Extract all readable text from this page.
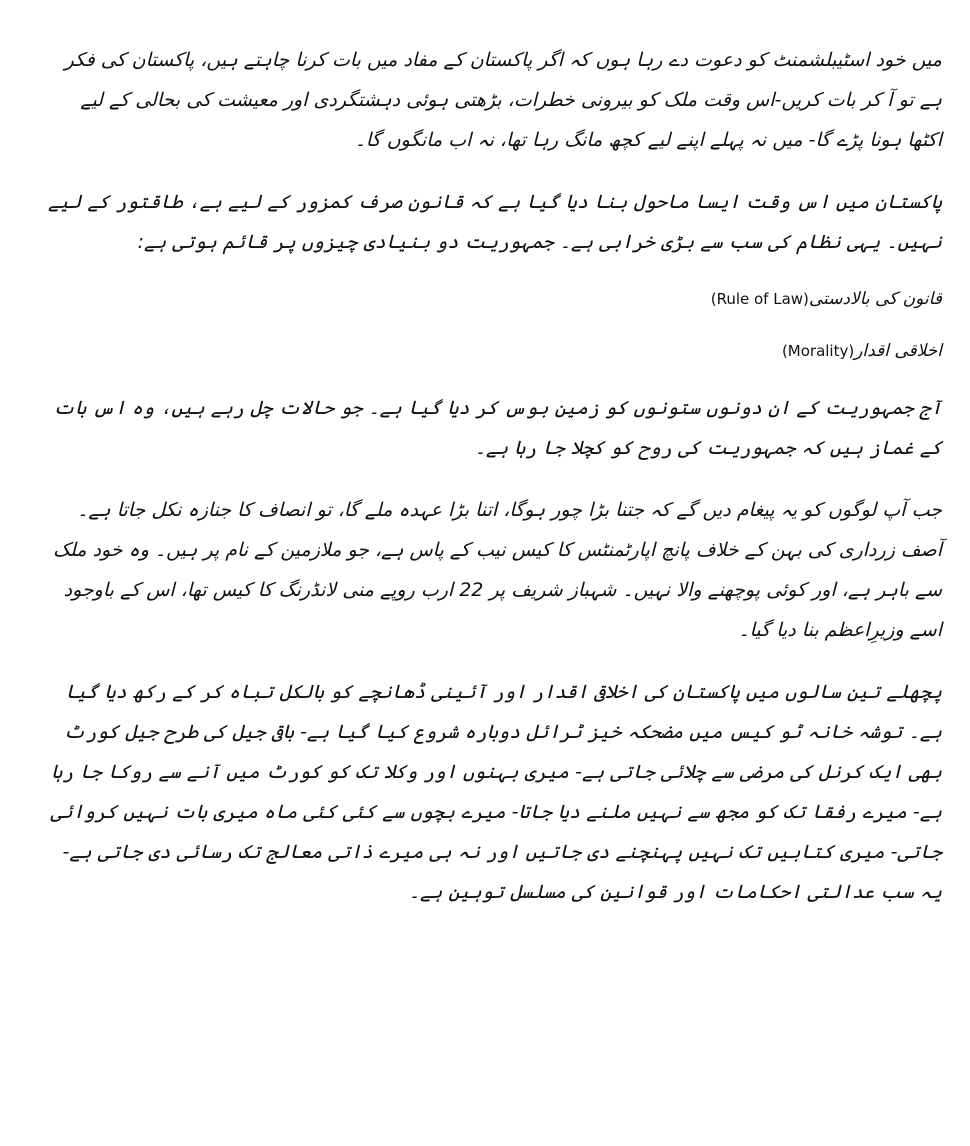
میں خود اسٹیبلشمنٹ کو دعوت دے رہا ہوں کہ اگر پاکستان کے مفاد میں بات کرنا چاہتے ہیں، پاکستان کی فکر ہے تو آ کر بات کریں-اس وقت ملک کو بیرونی خطرات، بڑھتی ہوئی دہشتگردی اور معیشت کی بحالی کے لیے اکٹھا ہونا پڑے گا- میں نہ پہلے اپنے لیے کچھ مانگ رہا تھا، نہ اب مانگوں گا۔

پاکستان میں اس وقت ایسا ماحول بنا دیا گیا ہے کہ قانون صرف کمزور کے لیے ہے، طاقتور کے لیے نہیں۔ یہی نظام کی سب سے بڑی خرابی ہے۔ جمہوریت دو بنیادی چیزوں پر قائم ہوتی ہے:

قانون کی بالادستی(Rule of Law)

اخلاقی اقدار(Morality)

آج جمہوریت کے ان دونوں ستونوں کو زمین بوس کر دیا گیا ہے۔ جو حالات چل رہے ہیں، وہ اس بات کے غماز ہیں کہ جمہوریت کی روح کو کچلا جا رہا ہے۔

جب آپ لوگوں کو یہ پیغام دیں گے کہ جتنا بڑا چور ہوگا، اتنا بڑا عہدہ ملے گا، تو انصاف کا جنازہ نکل جاتا ہے۔ آصف زرداری کی بہن کے خلاف پانچ اپارٹمنٹس کا کیس نیب کے پاس ہے، جو ملازمین کے نام پر ہیں۔ وہ خود ملک سے باہر ہے، اور کوئی پوچھنے والا نہیں۔ شہباز شریف پر 22 ارب روپے منی لانڈرنگ کا کیس تھا، اس کے باوجود اسے وزیرِاعظم بنا دیا گیا۔

پچھلے تین سالوں میں پاکستان کی اخلاقی اقدار اور آئینی ڈھانچے کو بالکل تباہ کر کے رکھ دیا گیا ہے۔ توشہ خانہ ٹو کیس میں مضحکہ خیز ٹرائل دوبارہ شروع کیا گیا ہے- باقی جیل کی طرح جیل کورٹ بھی ایک کرنل کی مرضی سے چلائی جاتی ہے- میری بہنوں اور وکلا تک کو کورٹ میں آنے سے روکا جا رہا ہے- میرے رفقا تک کو مجھ سے نہیں ملنے دیا جاتا- میرے بچوں سے کئی کئی ماہ میری بات نہیں کروائی جاتی- میری کتابیں تک نہیں پہنچنے دی جاتیں اور نہ ہی میرے ذاتی معالج تک رسائی دی جاتی ہے- یہ سب عدالتی احکامات اور قوانین کی مسلسل توہین ہے۔
